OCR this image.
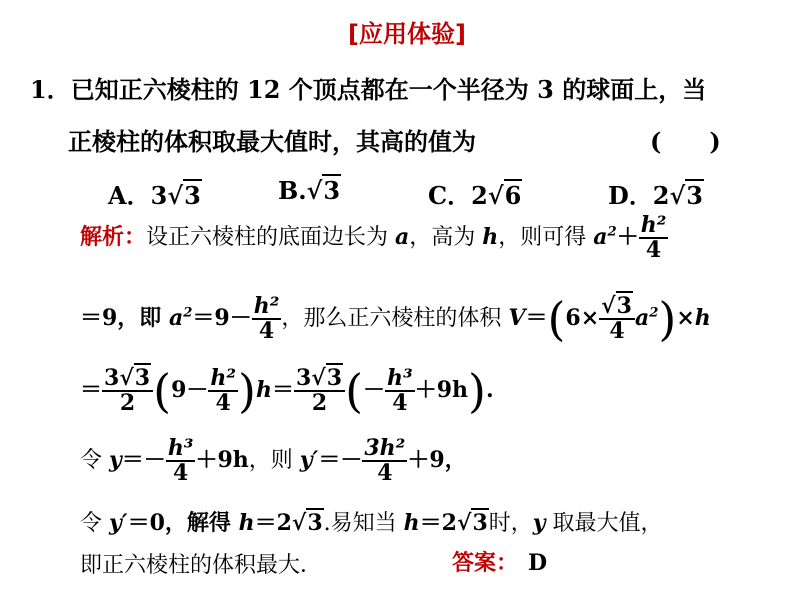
[应用体验]
1．已知正六棱柱的 12 个顶点都在一个半径为 3 的球面上，当
正棱柱的体积取最大值时，其高的值为	(　　)
A．3√3	B.√3	C．2√6	D．2√3
解析：设正六棱柱的底面边长为 a，高为 h，则可得 $a^2+ \frac{\text{h²}}{4}$
＝9，即 $a^2=9- \frac{\text{h²}}{4}$ ，那么正六棱柱的体积 $V=(6\times \frac{√3}{4} a^2)\times h$
＝ $\frac{3√3}{2} (9- \frac{\text{h²}}{4} )h= \frac{3√3}{2}$ (－ $\frac{\text{h³}}{4} +9h$).
令 $y=- \frac{\text{h³}}{4} +9h$，则 $y'=- \frac{\text{3h²}}{4} +9$，
令 y′＝0，解得 h＝2√3.易知当 h＝2√3时，y 取最大值，
即正六棱柱的体积最大．	答案： D
